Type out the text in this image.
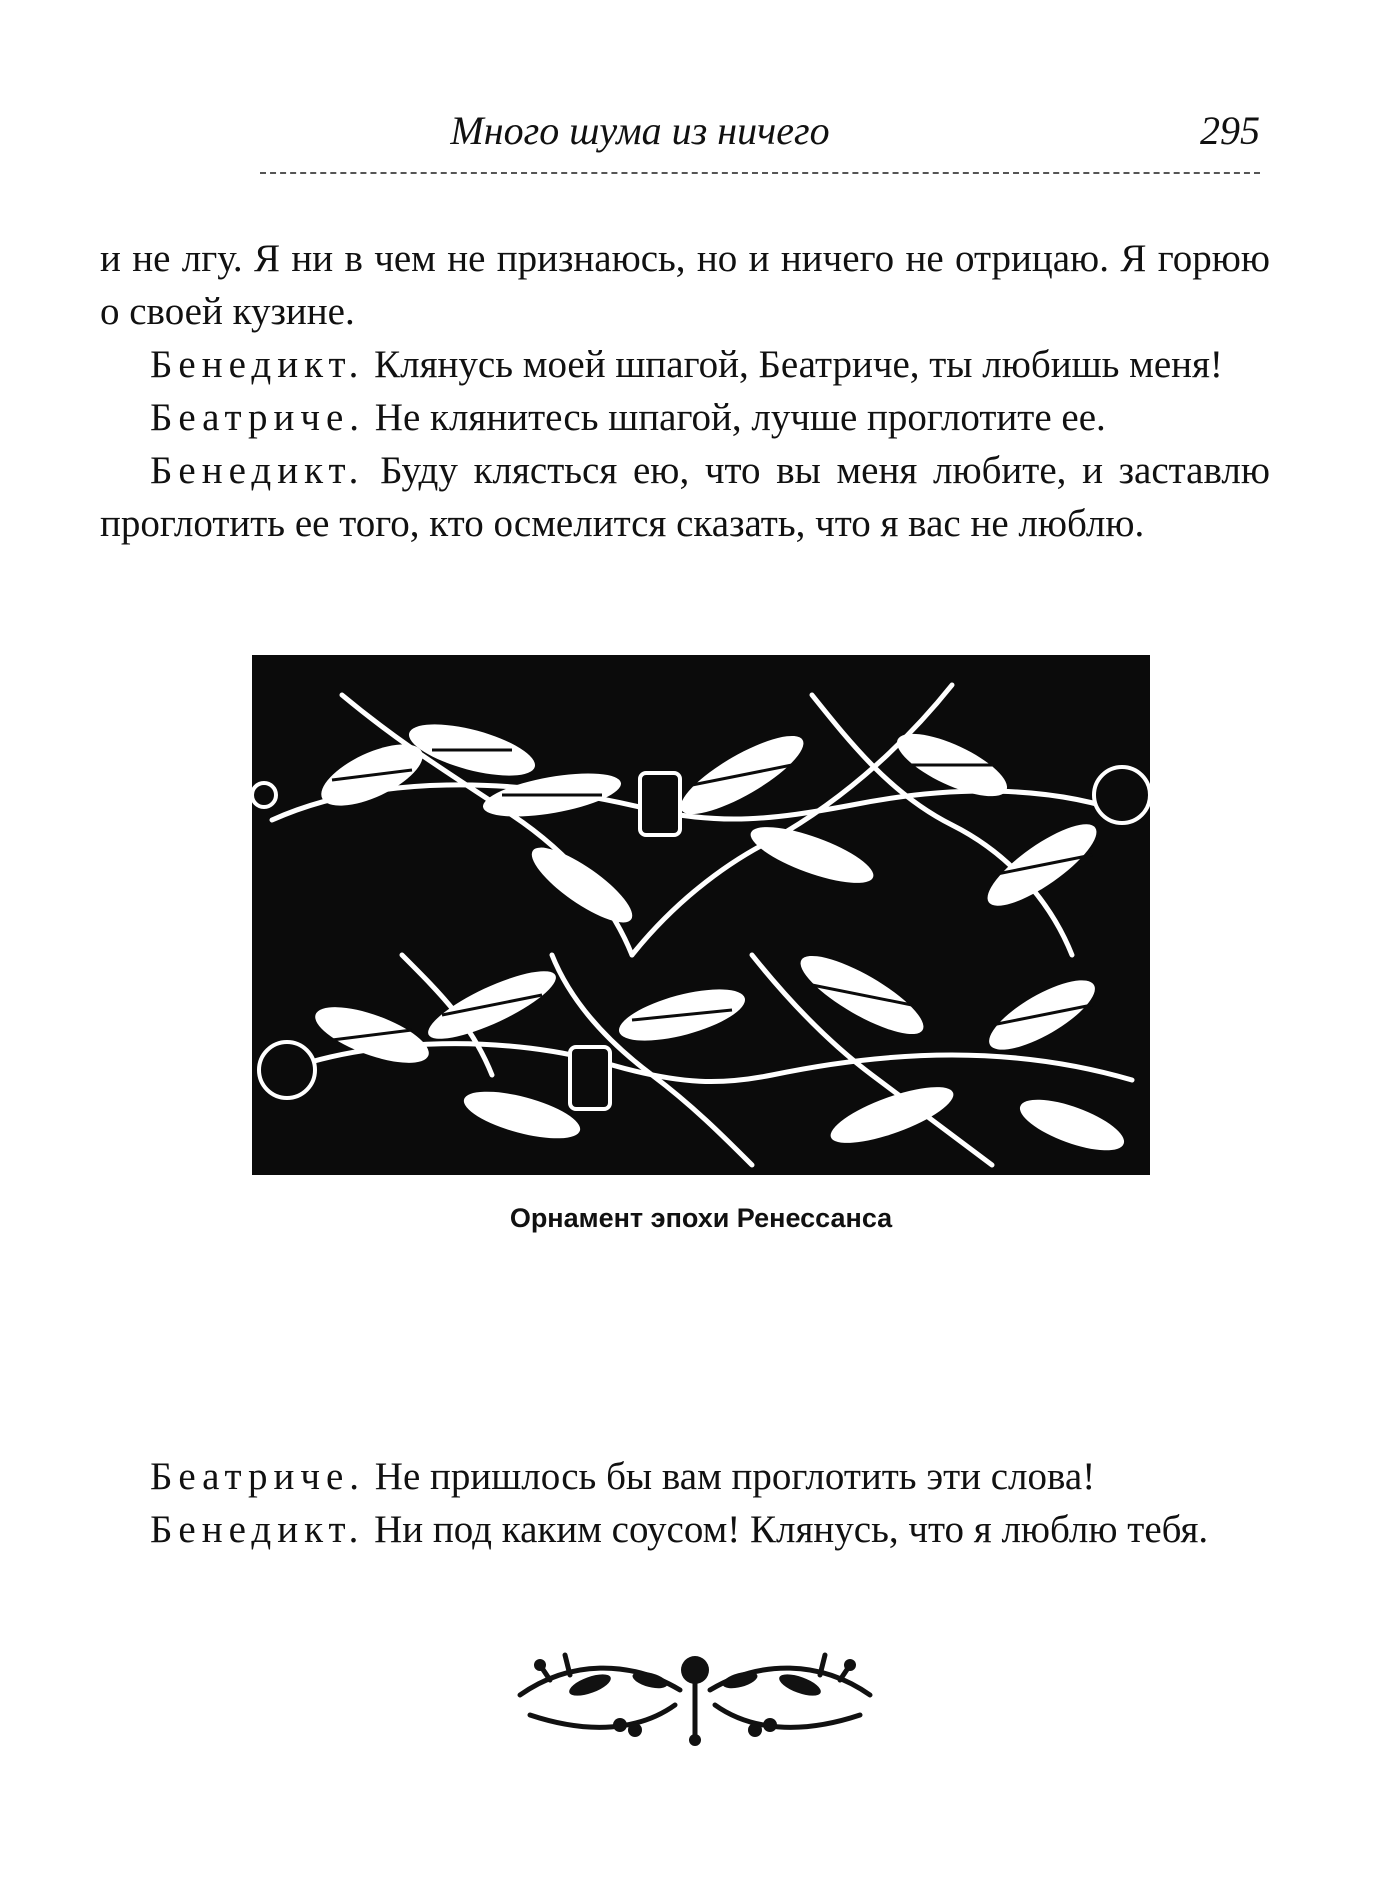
Много шума из ничего	295

и не лгу. Я ни в чем не признаюсь, но и ничего не отрицаю. Я горюю о своей кузине.

Бенедикт. Клянусь моей шпагой, Беатриче, ты любишь меня!

Беатриче. Не клянитесь шпагой, лучше проглотите ее.

Бенедикт. Буду клясться ею, что вы меня любите, и заставлю проглотить ее того, кто осмелится сказать, что я вас не люблю.

Орнамент эпохи Ренессанса

Беатриче. Не пришлось бы вам проглотить эти слова!

Бенедикт. Ни под каким соусом! Клянусь, что я люблю тебя.
